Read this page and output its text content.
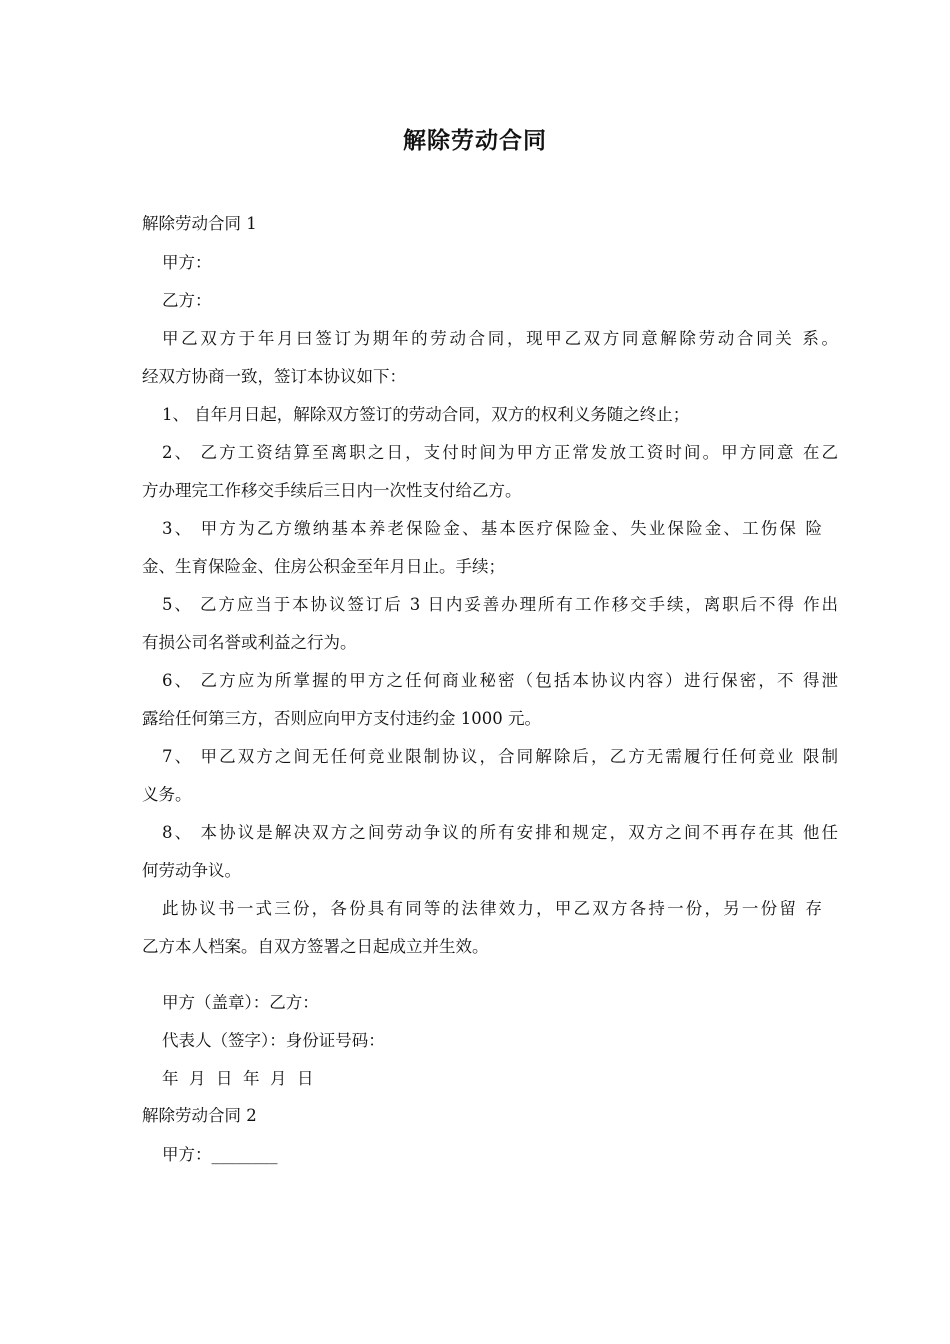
解除劳动合同
解除劳动合同 1
甲方：
乙方：
甲乙双方于年月曰签订为期年的劳动合同，现甲乙双方同意解除劳动合同关 系。
经双方协商一致，签订本协议如下：
1、 自年月日起，解除双方签订的劳动合同，双方的权利义务随之终止；
2、 乙方工资结算至离职之日，支付时间为甲方正常发放工资时间。甲方同意 在乙
方办理完工作移交手续后三日内一次性支付给乙方。
3、 甲方为乙方缴纳基本养老保险金、基本医疗保险金、失业保险金、工伤保 险
金、生育保险金、住房公积金至年月日止。手续；
5、 乙方应当于本协议签订后 3 日内妥善办理所有工作移交手续，离职后不得 作出
有损公司名誉或利益之行为。
6、 乙方应为所掌握的甲方之任何商业秘密（包括本协议内容）进行保密，不 得泄
露给任何第三方，否则应向甲方支付违约金 1000 元。
7、 甲乙双方之间无任何竞业限制协议，合同解除后，乙方无需履行任何竞业 限制
义务。
8、 本协议是解决双方之间劳动争议的所有安排和规定，双方之间不再存在其 他任
何劳动争议。
此协议书一式三份，各份具有同等的法律效力，甲乙双方各持一份，另一份留 存
乙方本人档案。自双方签署之日起成立并生效。
甲方（盖章）：乙方：
代表人（签字）：身份证号码：
年  月  日  年  月  日
解除劳动合同 2
甲方：________
